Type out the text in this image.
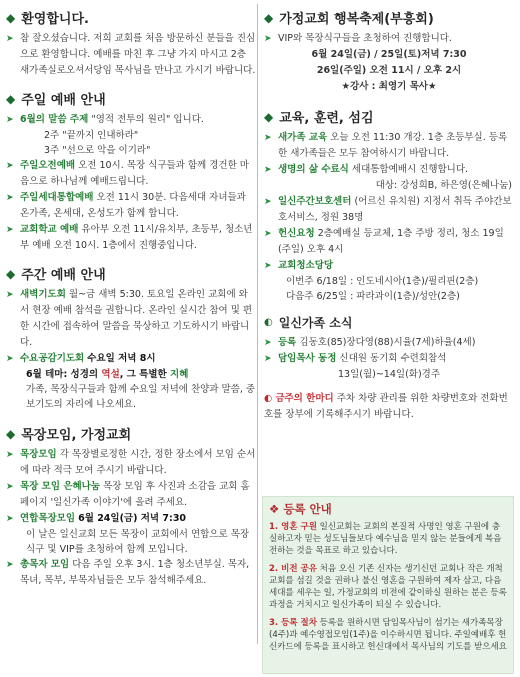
◆ 환영합니다.
➤ 참 잘오셨습니다. 저희 교회를 처음 방문하신 분들을 진심으로 환영합니다. 예배를 마친 후 그냥 가지 마시고 2층 새가족실로오셔서당임 목사님을 만나고 가시기 바랍니다.
◆ 주일 예배 안내
➤ 6월의 말씀 주제 "영적 전투의 원리" 입니다.
2주 "끝까지 인내하라"
3주 "선으로 악을 이기라"
➤ 주일오전예배 오전 10시. 목장 식구들과 함께 경건한 마음으로 하나님께 예배드립니다.
➤ 주일세대통합예배 오전 11시 30분. 다음세대 자녀들과 온가족, 온세대, 온성도가 함께 합니다.
➤ 교회학교 예배 유아부 오전 11시/유치부, 초등부, 청소년부 예배 오전 10시. 1층에서 진행중입니다.
◆ 주간 예배 안내
➤ 새벽기도회 월~금 새벽 5:30. 토요일 온라인 교회에 와서 현장 예배 참석을 권합니다. 온라인 실시간 참여 및 편한 시간에 접속하여 말씀을 묵상하고 기도하시기 바랍니다.
➤ 수요공감기도회 수요일 저녁 8시
6월 테마: 성경의 역설, 그 특별한 지혜
가족, 목장식구들과 함께 수요일 저녁에 찬양과 말씀, 중보기도의 자리에 나오세요.
◆ 목장모임, 가정교회
➤ 목장모임 각 목장별로정한 시간, 정한 장소에서 모임 순서에 따라 적극 모여 주시기 바랍니다.
➤ 목장 모임 은혜나눔 목장 모임 후 사진과 소감을 교회 홈페이지 '일신가족 이야기'에 올려 주세요.
➤ 연합목장모임 6월 24일(금) 저녁 7:30
이 날은 일신교회 모든 목장이 교회에서 연합으로 목장식구 및 VIP를 초청하여 함께 모입니다.
➤ 총목자 모임 다음 주일 오후 3시. 1층 청소년부실. 목자, 목녀, 목부, 부목자님들은 모두 참석해주세요.
◆ 가정교회 행복축제(부흥회)
➤ VIP와 목장식구들을 초청하여 진행합니다.
6월 24일(금) / 25일(토)저녁 7:30
26일(주일) 오전 11시 / 오후 2시
★강사 : 최영기 목사★
◆ 교육, 훈련, 섬김
➤ 새가족 교육 오늘 오전 11:30 개강. 1층 초등부실. 등록한 새가족들은 모두 참여하시기 바랍니다.
➤ 생명의 삶 수료식 세대통합예배시 진행합니다.
대상: 강성희B, 하은영(은혜나눔)
➤ 일신주간보호센터 (어르신 유치원) 지정서 취득 주야간보호서비스, 정원 38명
➤ 헌신요청 2층예배실 등교체, 1층 주방 정리, 청소 19일(주일) 오후 4시
➤ 교회청소당당
이번주 6/18일 : 인도네시아(1층)/필리핀(2층)
다음주 6/25일 : 파라과이(1층)/성안(2층)
◐ 일신가족 소식
➤ 등록 김동호(85)장다영(88)시율(7세)하율(4세)
➤ 담임목사 동정 신대원 동기회 수련회참석
13일(월)~14일(화)경주
◐ 금주의 한마디 주차 차량 관리를 위한 차량번호와 전화번호를 장부에 기록해주시기 바랍니다.
❖ 등록 안내

1. 영혼 구원 일신교회는 교회의 본질적 사명인 영혼 구원에 충실하고자 믿는 성도님들보다 예수님을 믿지 않는 분들에게 복음 전하는 것을 목표로 하고 있습니다.

2. 비전 공유 처음 오신 기존 신자는 생기신던 교회나 작은 개척교회를 섬길 것을 권하나 불신 영혼을 구원하여 제자 삼고, 다음 세대를 세우는 일, 가정교회의 비전에 같이하실 원하는 분은 등록 과정을 거치시고 일신가족이 되실 수 있습니다.

3. 등록 절차 등록을 원하시면 담임목사님이 섬기는 새가족목장(4주)과 예수영접모임(1주)을 이수하시면 됩니다. 주일예배후 헌신카드에 등록을 표시하고 헌신대에서 목사님의 기도를 받으세요
